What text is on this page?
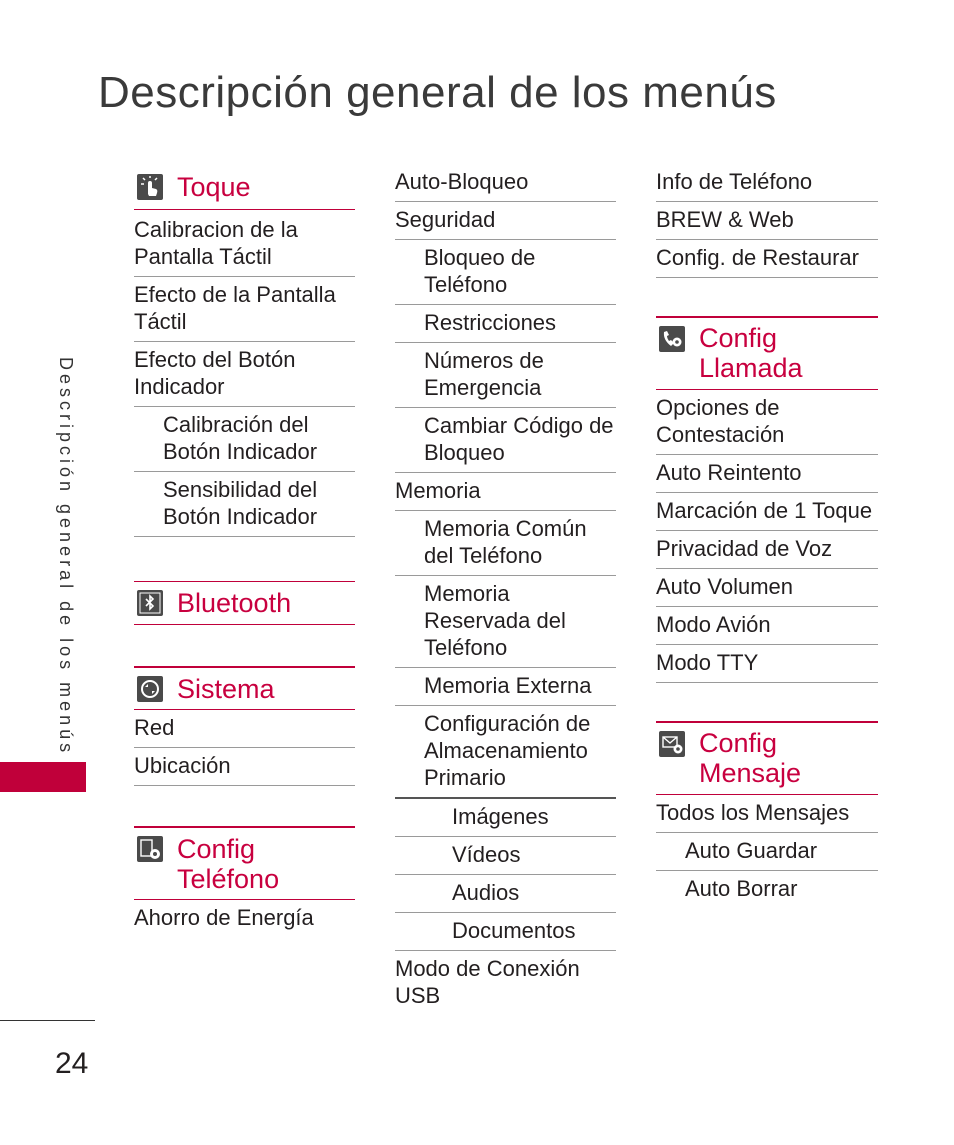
Descripción general de los menús
Descripción general de los menús
24
Toque
Calibracion de la Pantalla Táctil
Efecto de la Pantalla Táctil
Efecto del Botón Indicador
Calibración del Botón Indicador
Sensibilidad del Botón Indicador
Bluetooth
Sistema
Red
Ubicación
Config
Teléfono
Ahorro de Energía
Auto-Bloqueo
Seguridad
Bloqueo de Teléfono
Restricciones
Números de Emergencia
Cambiar Código de Bloqueo
Memoria
Memoria Común del Teléfono
Memoria Reservada del Teléfono
Memoria Externa
Configuración de Almacenamiento Primario
Imágenes
Vídeos
Audios
Documentos
Modo de Conexión USB
Info de Teléfono
BREW & Web
Config. de Restaurar
Config
Llamada
Opciones de Contestación
Auto Reintento
Marcación de 1 Toque
Privacidad de Voz
Auto Volumen
Modo Avión
Modo TTY
Config
Mensaje
Todos los Mensajes
Auto Guardar
Auto Borrar
